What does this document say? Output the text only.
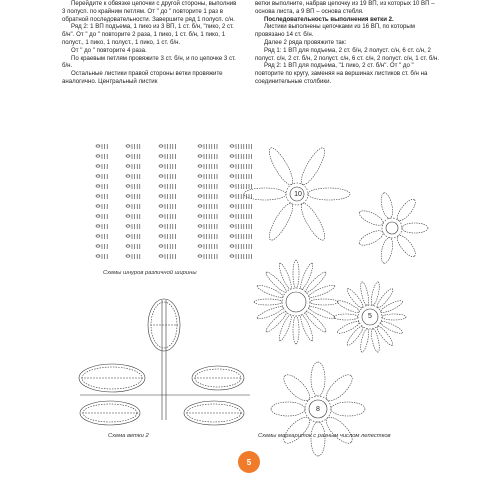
Перейдите к обвязке цепочки с другой стороны, выполнив 3 полусп. по крайним петлям. От " до " повторите 1 раз в обратной последовательности. Завершите ряд 1 полусп. с/н.

Ряд 2: 1 ВП подъема, 1 пико из 3 ВП, 1 ст. б/н, "пико, 2 ст. б/н". От " до " повторите 2 раза, 1 пико, 1 ст. б/н, 1 пико, 1 полуст., 1 пико, 1 полуст., 1 пико, 1 ст. б/н.

От " до " повторите 4 раза.

По краевым петлям провяжите 3 ст. б/н, и по цепочке 3 ст. б/н.

Остальные листики правой стороны ветки провяжите аналогично. Центральный листик

ветки выполните, набрав цепочку из 19 ВП, из которых 10 ВП – основа листа, а 9 ВП – основа стебля.

Последовательность выполнения ветки 2.

Листики выполнены цепочками из 16 ВП, по которым провязано 14 ст. б/н.

Далее 2 ряда провяжите так:

Ряд 1: 1 ВП для подъема, 2 ст. б/н, 2 полуст. с/н, 6 ст. с/н, 2 полуст. с/н, 2 ст. б/н, 2 полуст. с/н, 6 ст. с/н, 2 полуст. с/н, 1 ст. б/н.

Ряд 2: 1 ВП для подъема, "1 пико, 2 ст. б/н". От " до " повторите по кругу, заменяя на вершинах листиков ст. б/н на соединительные столбики.

10
5
8
Схемы шнуров различной ширины
Схема ветки 2	Схемы маргариток с разным числом лепестков
5
